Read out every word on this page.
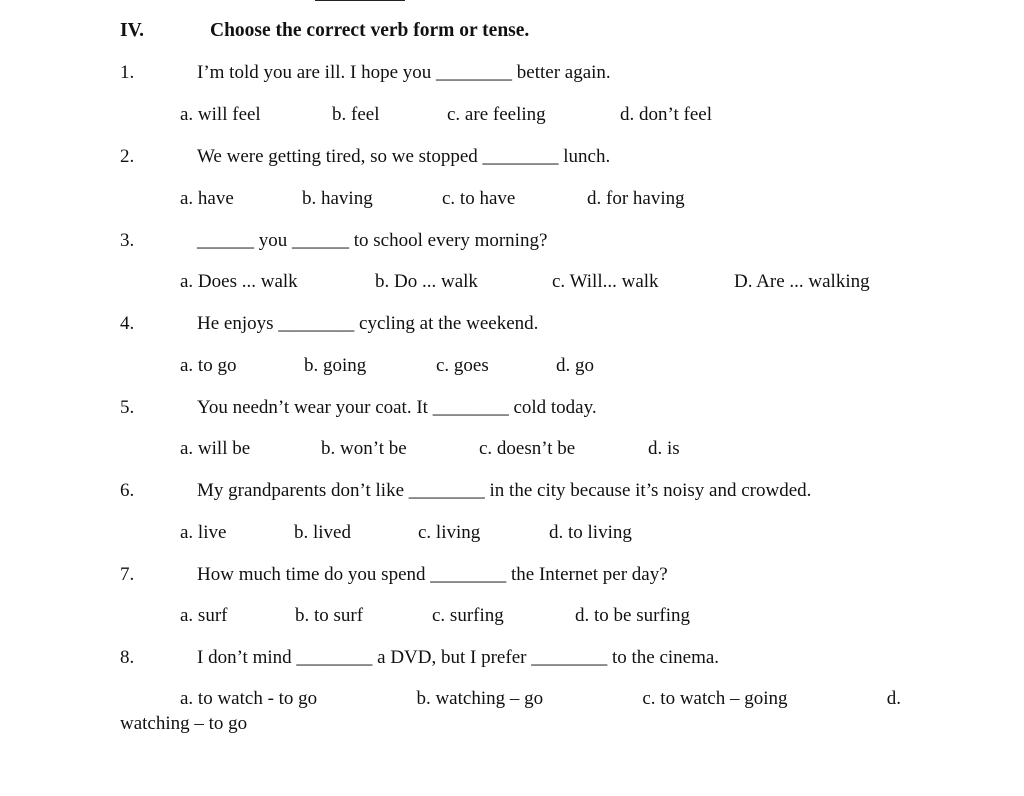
IV.	Choose the correct verb form or tense.
1.	I’m told you are ill. I hope you ________ better again.
a. will feel	b. feel	c. are feeling	d. don’t feel
2.	We were getting tired, so we stopped ________ lunch.
a. have	b. having	c. to have	d. for having
3.	______ you ______ to school every morning?
a. Does ... walk	b. Do ... walk	c. Will... walk	D. Are ... walking
4.	He enjoys ________ cycling at the weekend.
a. to go	b. going	c. goes	d. go
5.	You needn’t wear your coat. It ________ cold today.
a. will be	b. won’t be	c. doesn’t be	d. is
6.	My grandparents don’t like ________ in the city because it’s noisy and crowded.
a. live	b. lived	c. living	d. to living
7.	How much time do you spend ________ the Internet per day?
a. surf	b. to surf	c. surfing	d. to be surfing
8.	I don’t mind ________ a DVD, but I prefer ________ to the cinema.
a. to watch - to go	b. watching – go	c. to watch – going	d.
watching – to go
